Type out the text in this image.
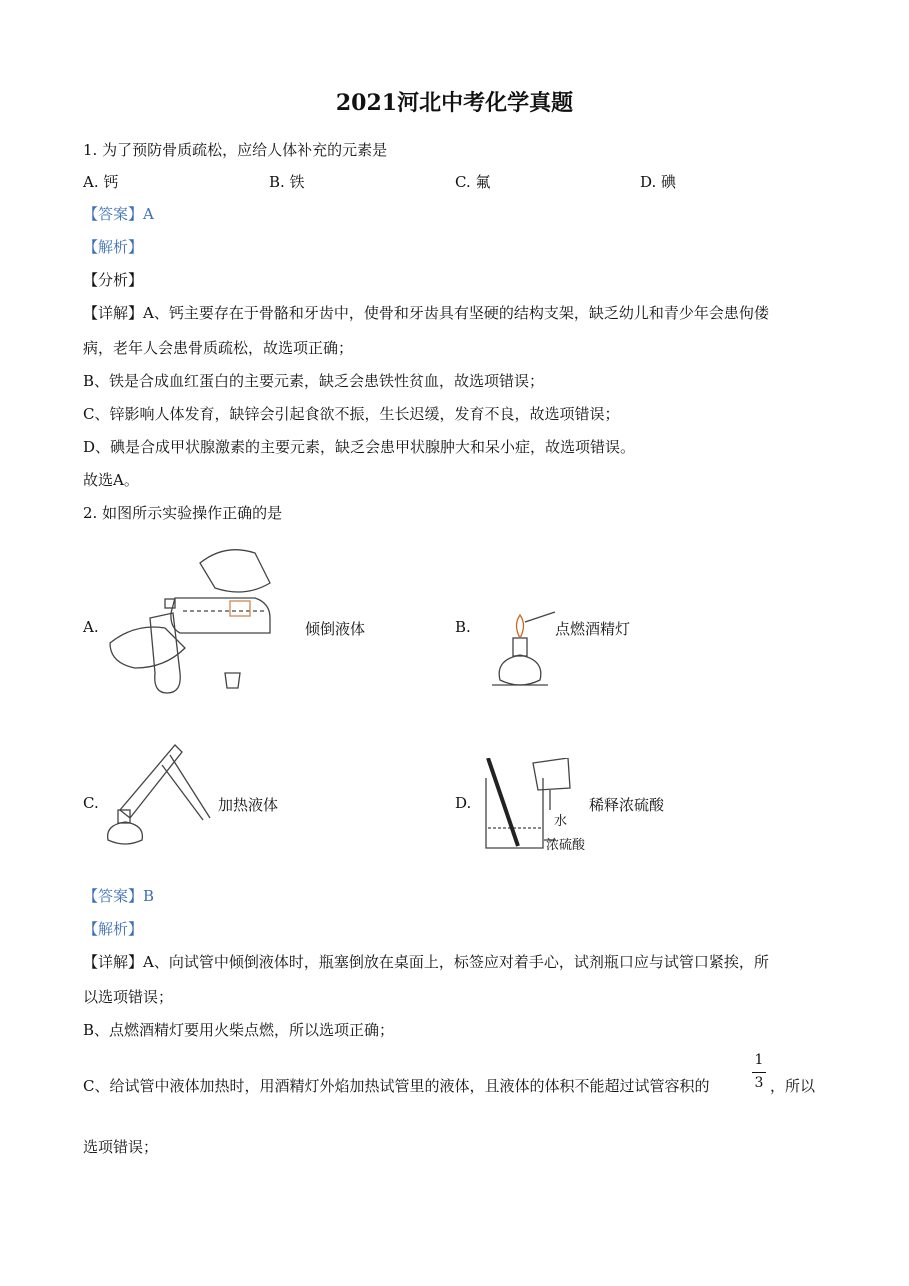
2021河北中考化学真题
1. 为了预防骨质疏松，应给人体补充的元素是
A. 钙	B. 铁	C. 氟	D. 碘
【答案】A
【解析】
【分析】
【详解】A、钙主要存在于骨骼和牙齿中，使骨和牙齿具有坚硬的结构支架，缺乏幼儿和青少年会患佝偻
病，老年人会患骨质疏松，故选项正确；
B、铁是合成血红蛋白的主要元素，缺乏会患铁性贫血，故选项错误；
C、锌影响人体发育，缺锌会引起食欲不振，生长迟缓，发育不良，故选项错误；
D、碘是合成甲状腺激素的主要元素，缺乏会患甲状腺肿大和呆小症，故选项错误。
故选A。
2. 如图所示实验操作正确的是
A.	倾倒液体	B.	点燃酒精灯
C.	加热液体	D.
水
浓硫酸
稀释浓硫酸
【答案】B
【解析】
【详解】A、向试管中倾倒液体时，瓶塞倒放在桌面上，标签应对着手心，试剂瓶口应与试管口紧挨，所
以选项错误；
B、点燃酒精灯要用火柴点燃，所以选项正确；
C、给试管中液体加热时，用酒精灯外焰加热试管里的液体，且液体的体积不能超过试管容积的
1
3 ，所以
选项错误；
